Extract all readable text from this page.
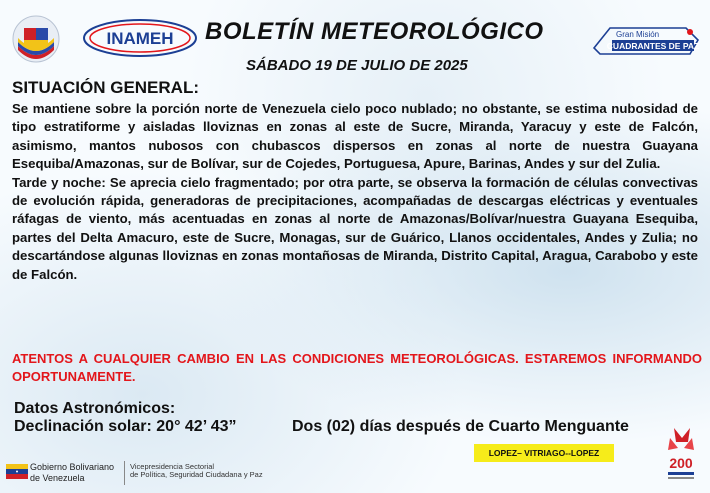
INAMEH BOLETÍN METEOROLÓGICO
SÁBADO 19 DE JULIO DE 2025
Gran Misión
CUADRANTES DE PAZ
SITUACIÓN GENERAL:

Se mantiene sobre la porción norte de Venezuela cielo poco nublado; no obstante, se estima nubosidad de tipo estratiforme y aisladas lloviznas en zonas al este de Sucre, Miranda, Yaracuy y este de Falcón, asimismo, mantos nubosos con chubascos dispersos en zonas al norte de nuestra Guayana Esequiba/Amazonas, sur de Bolívar, sur de Cojedes, Portuguesa, Apure, Barinas, Andes y sur del Zulia.

Tarde y noche: Se aprecia cielo fragmentado; por otra parte, se observa la formación de células convectivas de evolución rápida, generadoras de precipitaciones, acompañadas de descargas eléctricas y eventuales ráfagas de viento, más acentuadas en zonas al norte de Amazonas/Bolívar/nuestra Guayana Esequiba, partes del Delta Amacuro, este de Sucre, Monagas, sur de Guárico, Llanos occidentales, Andes y Zulia; no descartándose algunas lloviznas en zonas montañosas de Miranda, Distrito Capital, Aragua, Carabobo y este de Falcón.

ATENTOS A CUALQUIER CAMBIO EN LAS CONDICIONES METEOROLÓGICAS. ESTAREMOS INFORMANDO OPORTUNAMENTE.
Datos Astronómicos:
Declinación solar: 20° 42’ 43”	Dos (02) días después de Cuarto Menguante
LOPEZ– VITRIAGO--LOPEZ
Gobierno Bolivariano
de Venezuela
Vicepresidencia Sectorial
de Política, Seguridad Ciudadana y Paz
200
